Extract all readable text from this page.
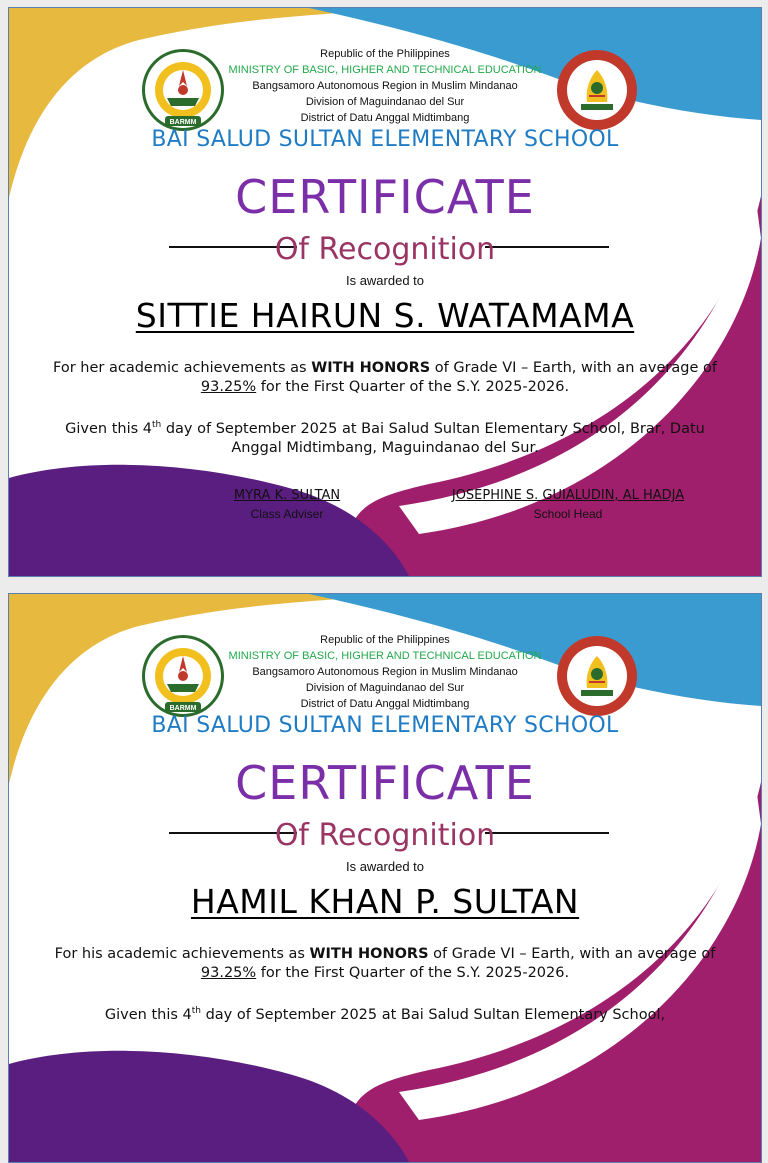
BARMM
Republic of the Philippines
MINISTRY OF BASIC, HIGHER AND TECHNICAL EDUCATION
Bangsamoro Autonomous Region in Muslim Mindanao
Division of Maguindanao del Sur
District of Datu Anggal Midtimbang
BAI SALUD SULTAN ELEMENTARY SCHOOL
CERTIFICATE
Of Recognition
Is awarded to
SITTIE HAIRUN S. WATAMAMA
For her academic achievements as WITH HONORS of Grade VI – Earth, with an average of 93.25% for the First Quarter of the S.Y. 2025-2026.
Given this 4th day of September 2025 at Bai Salud Sultan Elementary School, Brar, Datu Anggal Midtimbang, Maguindanao del Sur.
MYRA K. SULTAN
Class Adviser
JOSEPHINE S. GUIALUDIN, AL HADJA
School Head
BARMM
Republic of the Philippines
MINISTRY OF BASIC, HIGHER AND TECHNICAL EDUCATION
Bangsamoro Autonomous Region in Muslim Mindanao
Division of Maguindanao del Sur
District of Datu Anggal Midtimbang
BAI SALUD SULTAN ELEMENTARY SCHOOL
CERTIFICATE
Of Recognition
Is awarded to
HAMIL KHAN P. SULTAN
For his academic achievements as WITH HONORS of Grade VI – Earth, with an average of 93.25% for the First Quarter of the S.Y. 2025-2026.
Given this 4th day of September 2025 at Bai Salud Sultan Elementary School,
